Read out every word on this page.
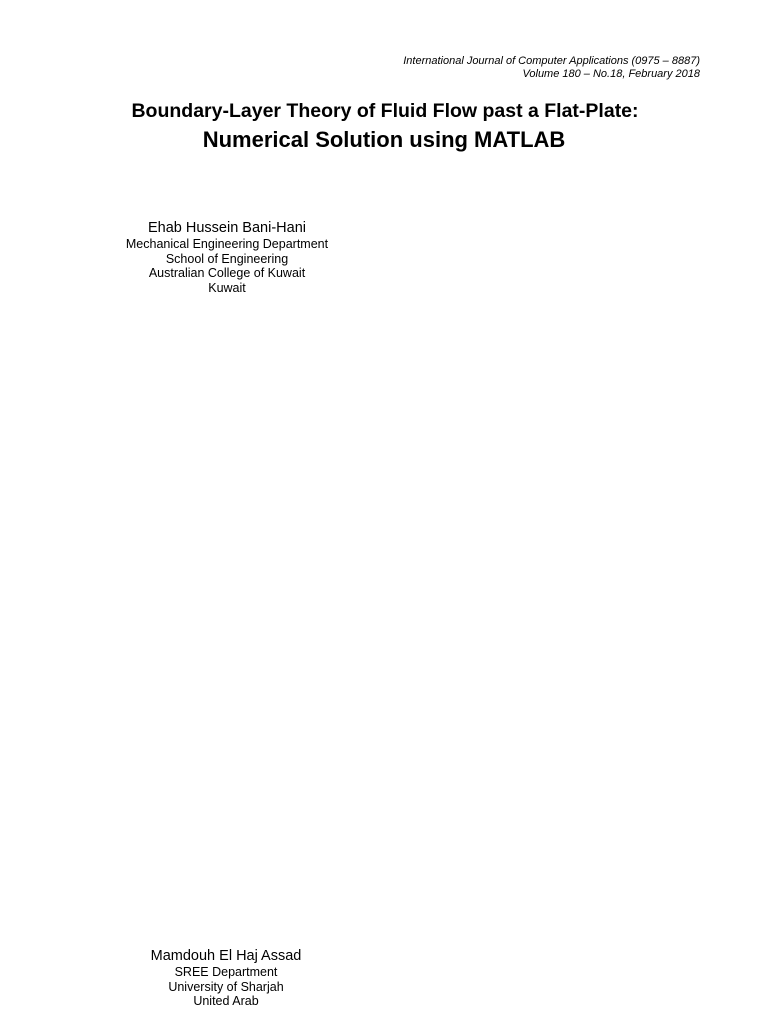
International Journal of Computer Applications (0975 – 8887)
Volume 180 – No.18, February 2018
Boundary-Layer Theory of Fluid Flow past a Flat-Plate:
Numerical Solution using MATLAB
Ehab Hussein Bani-Hani
Mechanical Engineering Department
School of Engineering
Australian College of Kuwait
Kuwait
Mamdouh El Haj Assad
SREE Department
University of Sharjah
United Arab
